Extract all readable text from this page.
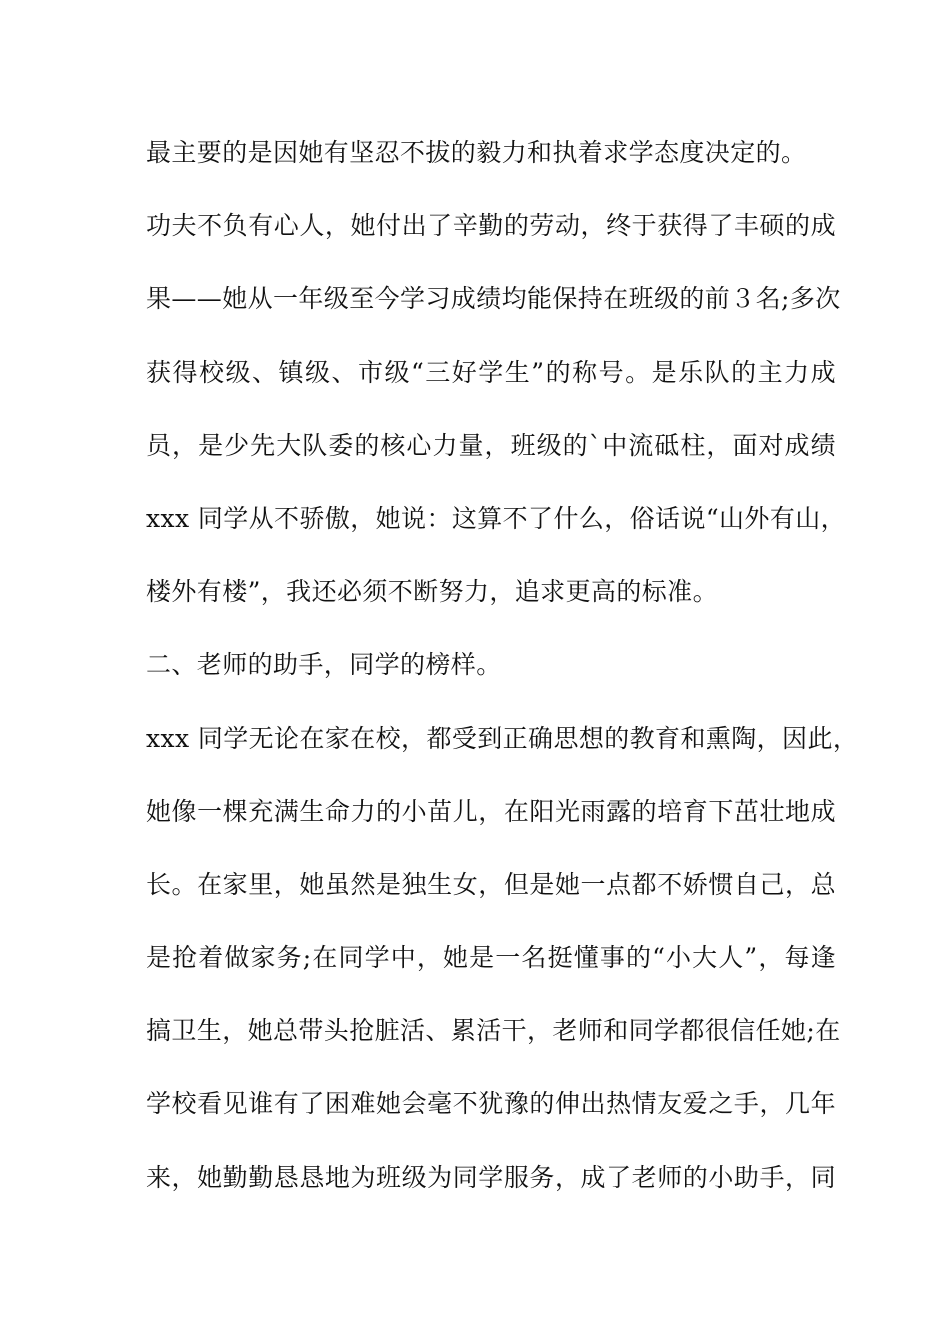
最主要的是因她有坚忍不拔的毅力和执着求学态度决定的。
功夫不负有心人，她付出了辛勤的劳动，终于获得了丰硕的成
果——她从一年级至今学习成绩均能保持在班级的前３名;多次
获得校级、镇级、市级“三好学生”的称号。是乐队的主力成
员，是少先大队委的核心力量，班级的`中流砥柱，面对成绩
xxx 同学从不骄傲，她说：这算不了什么，俗话说“山外有山，
楼外有楼”，我还必须不断努力，追求更高的标准。
二、老师的助手，同学的榜样。
xxx 同学无论在家在校，都受到正确思想的教育和熏陶，因此，
她像一棵充满生命力的小苗儿，在阳光雨露的培育下茁壮地成
长。在家里，她虽然是独生女，但是她一点都不娇惯自己，总
是抢着做家务;在同学中，她是一名挺懂事的“小大人”，每逢
搞卫生，她总带头抢脏活、累活干，老师和同学都很信任她;在
学校看见谁有了困难她会毫不犹豫的伸出热情友爱之手，几年
来，她勤勤恳恳地为班级为同学服务，成了老师的小助手，同
